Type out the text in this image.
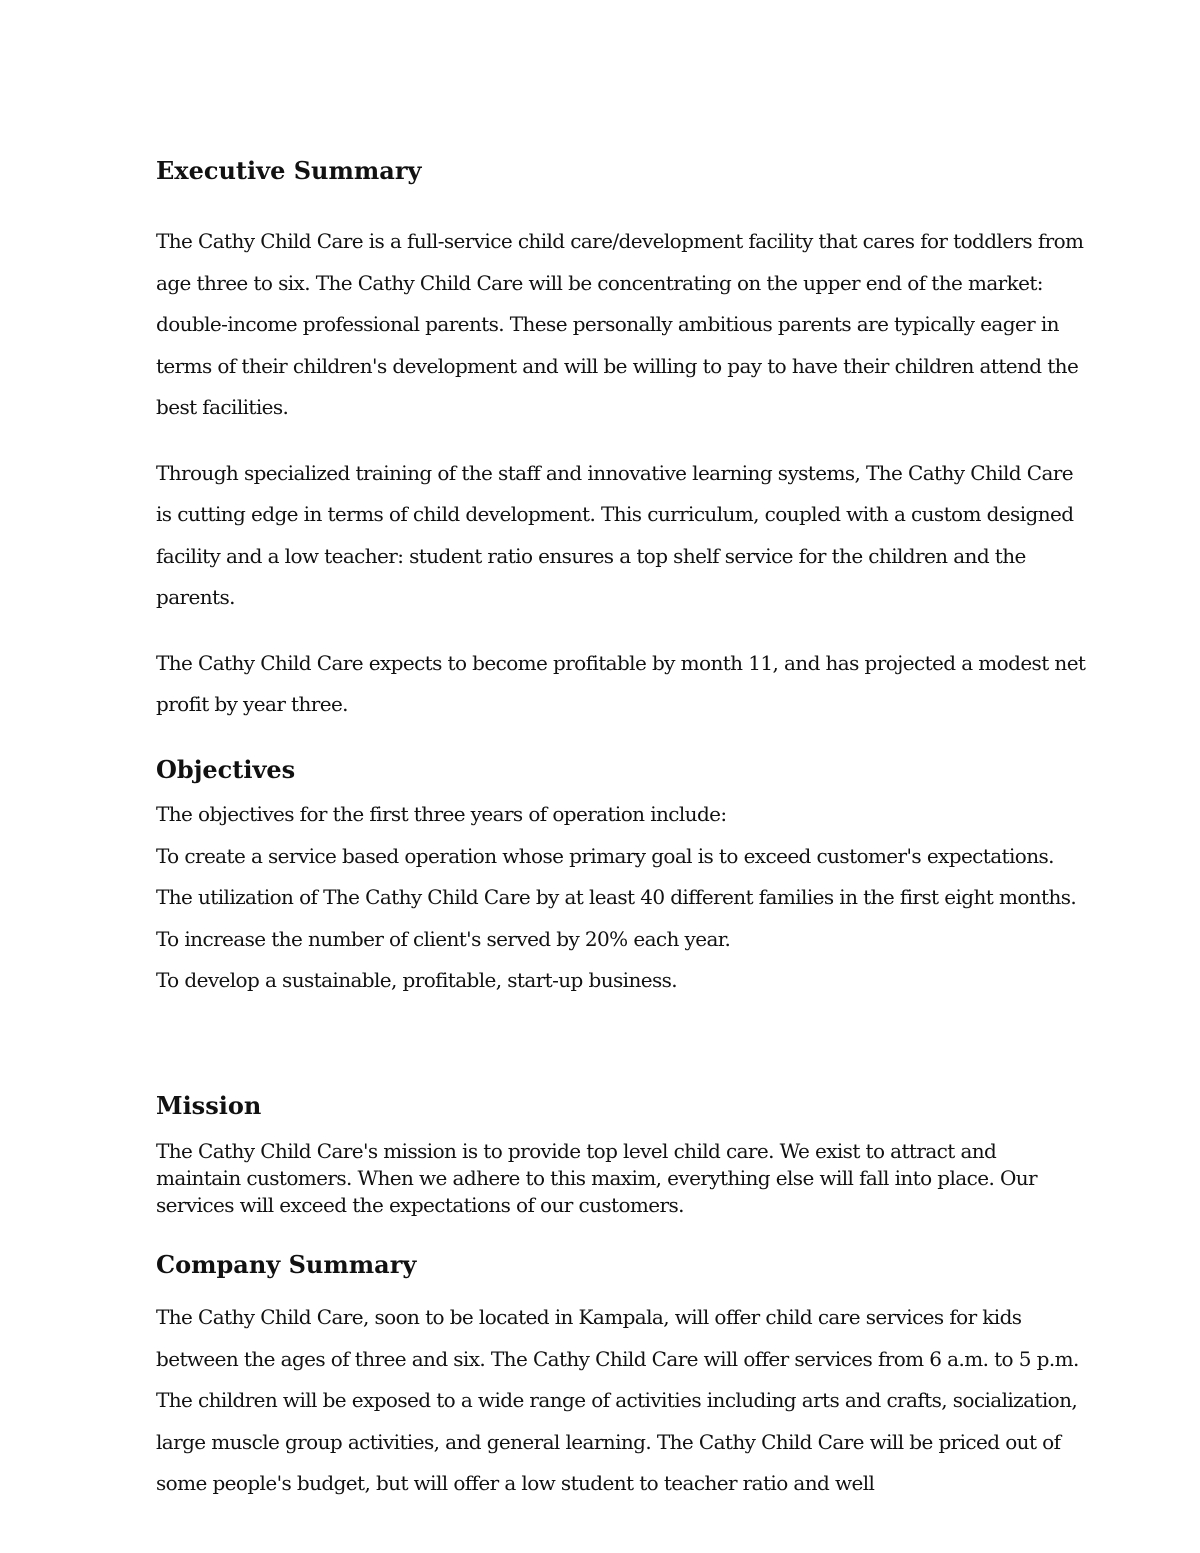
Executive Summary

The Cathy Child Care is a full-service child care/development facility that cares for toddlers from age three to six. The Cathy Child Care will be concentrating on the upper end of the market: double-income professional parents. These personally ambitious parents are typically eager in terms of their children's development and will be willing to pay to have their children attend the best facilities.

Through specialized training of the staff and innovative learning systems, The Cathy Child Care is cutting edge in terms of child development. This curriculum, coupled with a custom designed facility and a low teacher: student ratio ensures a top shelf service for the children and the parents.

The Cathy Child Care expects to become profitable by month 11, and has projected a modest net profit by year three.

Objectives

The objectives for the first three years of operation include:

To create a service based operation whose primary goal is to exceed customer's expectations.

The utilization of The Cathy Child Care by at least 40 different families in the first eight months.

To increase the number of client's served by 20% each year.

To develop a sustainable, profitable, start-up business.

Mission

The Cathy Child Care's mission is to provide top level child care. We exist to attract and maintain customers. When we adhere to this maxim, everything else will fall into place. Our services will exceed the expectations of our customers.

Company Summary

The Cathy Child Care, soon to be located in Kampala, will offer child care services for kids between the ages of three and six. The Cathy Child Care will offer services from 6 a.m. to 5 p.m. The children will be exposed to a wide range of activities including arts and crafts, socialization, large muscle group activities, and general learning. The Cathy Child Care will be priced out of some people's budget, but will offer a low student to teacher ratio and well
